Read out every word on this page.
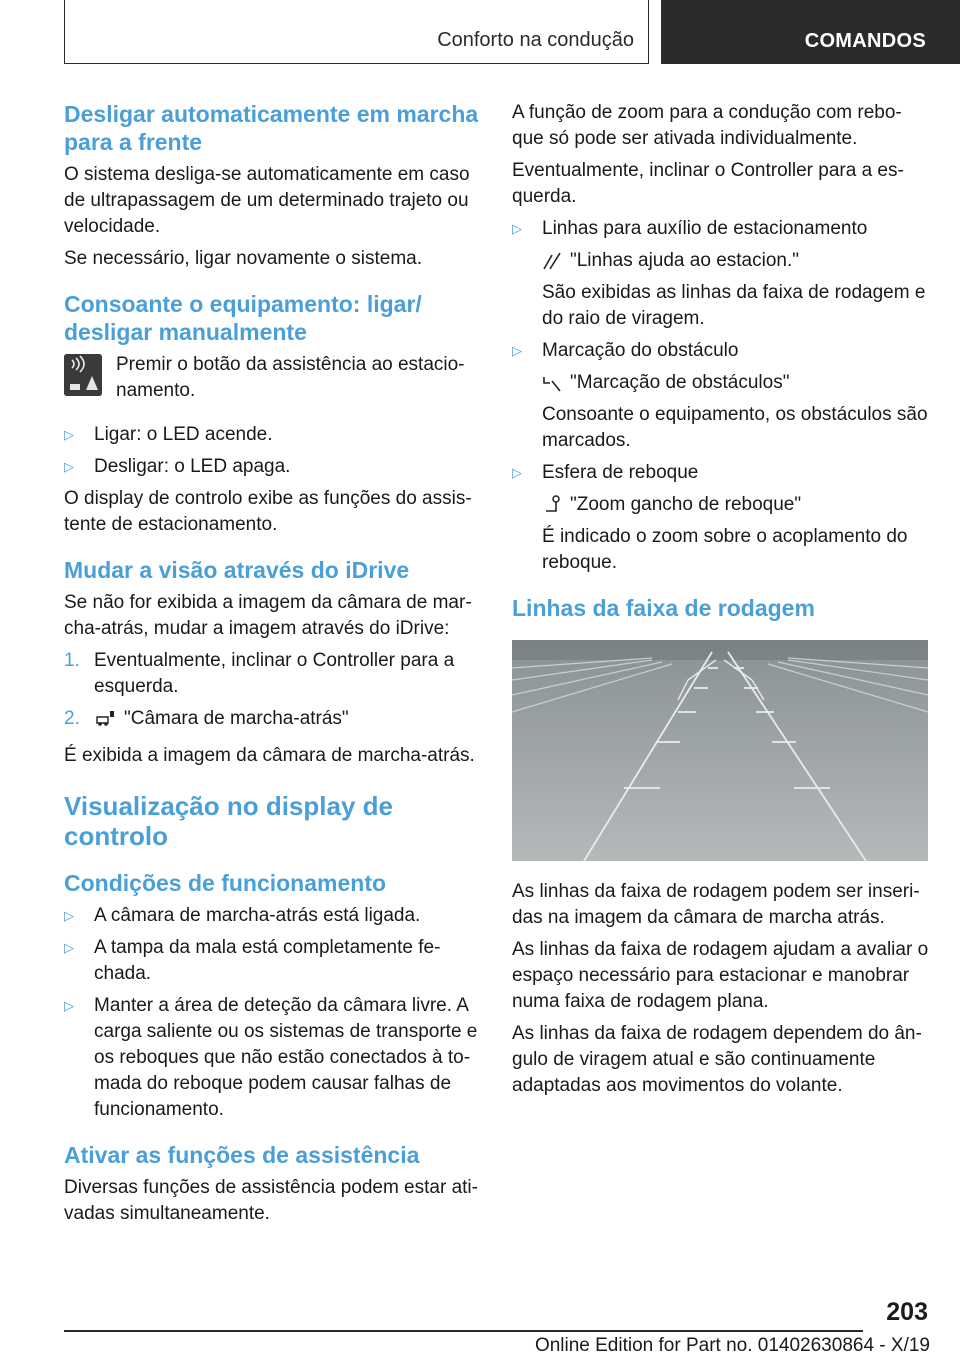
Conforto na condução	COMANDOS
Desligar automaticamente em marcha para a frente

O sistema desliga-se automaticamente em caso de ultrapassagem de um determinado trajeto ou velocidade.

Se necessário, ligar novamente o sistema.

Consoante o equipamento: ligar/ desligar manualmente

Premir o botão da assistência ao estacio- namento.

▷ Ligar: o LED acende.
▷ Desligar: o LED apaga.

O display de controlo exibe as funções do assis- tente de estacionamento.

Mudar a visão através do iDrive

Se não for exibida a imagem da câmara de mar- cha-atrás, mudar a imagem através do iDrive:

1. Eventualmente, inclinar o Controller para a esquerda.
2. "Câmara de marcha-atrás"

É exibida a imagem da câmara de marcha-atrás.

Visualização no display de controlo
Condições de funcionamento
▷ A câmara de marcha-atrás está ligada.
▷ A tampa da mala está completamente fe- chada.
▷ Manter a área de deteção da câmara livre. A carga saliente ou os sistemas de transporte e os reboques que não estão conectados à to- mada do reboque podem causar falhas de funcionamento.
Ativar as funções de assistência

Diversas funções de assistência podem estar ati- vadas simultaneamente.

A função de zoom para a condução com rebo- que só pode ser ativada individualmente.

Eventualmente, inclinar o Controller para a es- querda.

▷ Linhas para auxílio de estacionamento

"Linhas ajuda ao estacion."

São exibidas as linhas da faixa de rodagem e do raio de viragem.

▷ Marcação do obstáculo

"Marcação de obstáculos"

Consoante o equipamento, os obstáculos são marcados.

▷ Esfera de reboque

"Zoom gancho de reboque"

É indicado o zoom sobre o acoplamento do reboque.

Linhas da faixa de rodagem

As linhas da faixa de rodagem podem ser inseri- das na imagem da câmara de marcha atrás.

As linhas da faixa de rodagem ajudam a avaliar o espaço necessário para estacionar e manobrar numa faixa de rodagem plana.

As linhas da faixa de rodagem dependem do ân- gulo de viragem atual e são continuamente adaptadas aos movimentos do volante.

203
Online Edition for Part no. 01402630864 - X/19
